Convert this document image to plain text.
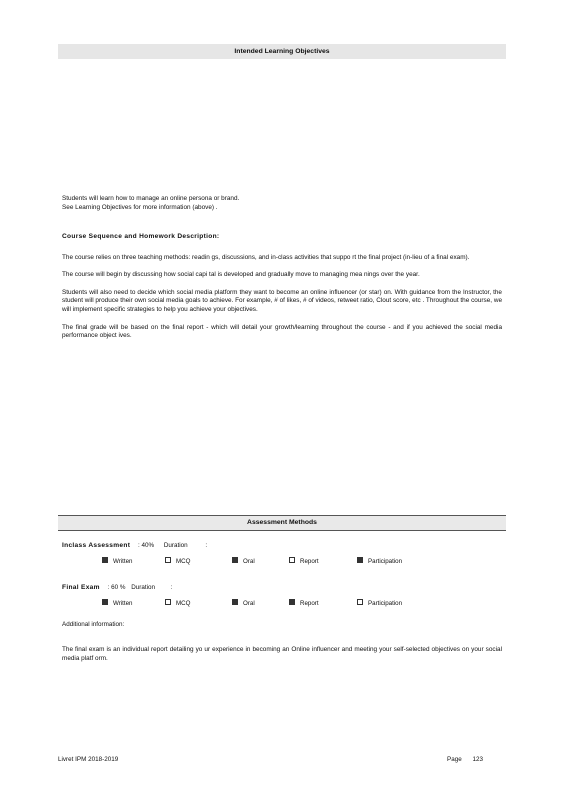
Intended Learning Objectives
Students will learn how to manage an online persona or brand.
See Learning Objectives for more information (above) .
Course Sequence and Homework Description:
The course relies on three teaching methods: readin gs, discussions, and in-class activities that suppo rt the final project (in-lieu of a final exam).
The course will begin by discussing how social capi tal is developed and gradually move to managing mea nings over the year.
Students will also need to decide which social media platform they want to become an online influencer (or star) on. With guidance from the Instructor, the student will produce their own social media goals to achieve. For example, # of likes, # of videos, retweet ratio, Clout score, etc . Throughout the course, we will implement specific strategies to help you achieve your objectives.
The final grade will be based on the final report - which will detail your growth/learning throughout the course - and if you achieved the social media performance object ives.
Assessment Methods
Inclass Assessment : 40% Duration	:
Written	MCQ	Oral	Report	Participation
Final Exam : 60 % Duration	:
Written	MCQ	Oral	Report	Participation
Additional information:
The final exam is an individual report detailing yo ur experience in becoming an Online influencer and meeting your self-selected objectives on your social media platf orm.
Livret IPM 2018-2019	Page 123
